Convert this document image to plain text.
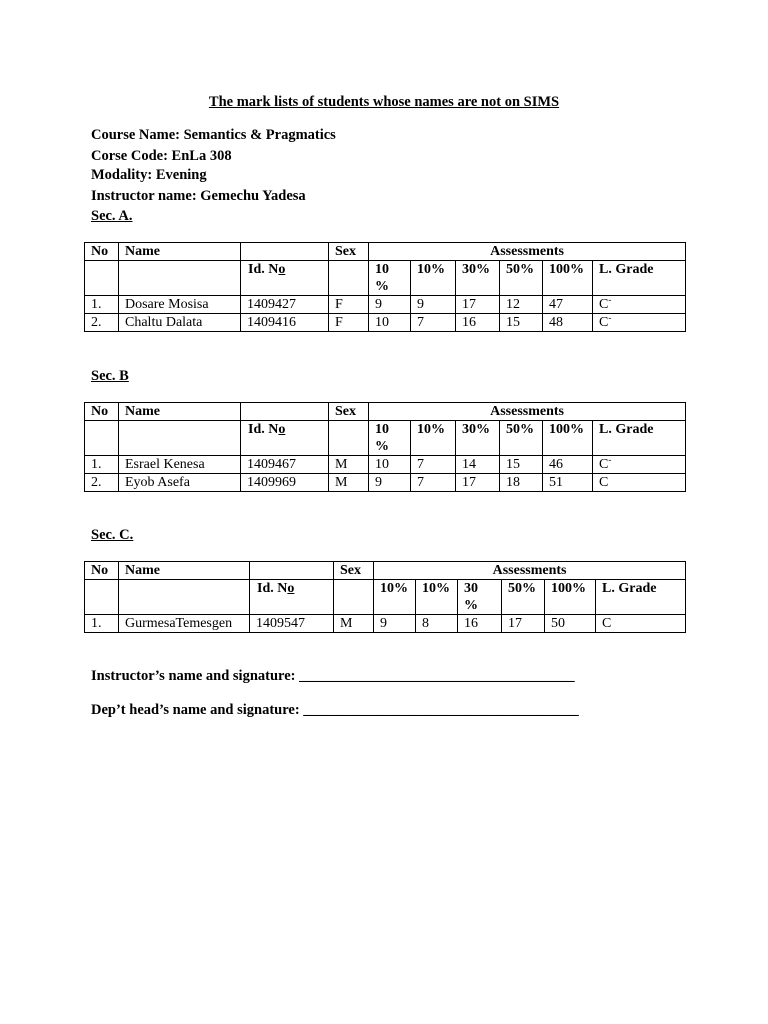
The mark lists of students whose names are not on SIMS
Course Name: Semantics & Pragmatics
Corse Code: EnLa 308
Modality: Evening
Instructor name: Gemechu Yadesa
Sec. A.
No	Name		Sex	Assessments					
		Id. No		10 %	10%	30%	50%	100%	L. Grade
1.	Dosare Mosisa	1409427	F	9	9	17	12	47	C-
2.	Chaltu Dalata	1409416	F	10	7	16	15	48	C-
Sec. B
No	Name		Sex	Assessments					
		Id. No		10 %	10%	30%	50%	100%	L. Grade
1.	Esrael Kenesa	1409467	M	10	7	14	15	46	C-
2.	Eyob Asefa	1409969	M	9	7	17	18	51	C
Sec. C.
No	Name		Sex	Assessments					
		Id. No		10%	10%	30 %	50%	100%	L. Grade
1.	GurmesaTemesgen	1409547	M	9	8	16	17	50	C
Instructor’s name and signature: ______________________________________
Dep’t head’s name and signature: ______________________________________
